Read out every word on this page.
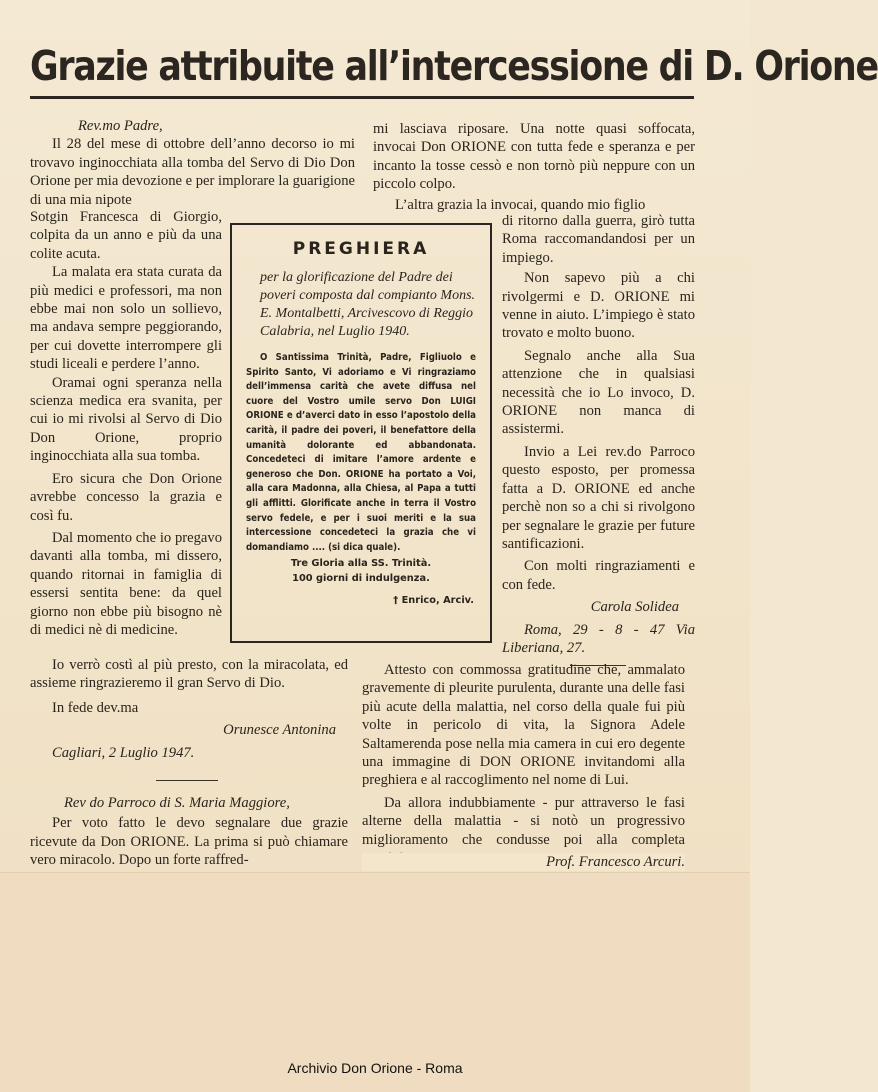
Grazie attribuite all’intercessione di D. Orione

Rev.mo Padre,

Il 28 del mese di ottobre dell’anno decorso io mi trovavo inginocchiata alla tomba del Servo di Dio Don Orione per mia devozione e per implorare la guarigione di una mia nipote

Sotgin Francesca di Giorgio, colpita da un anno e più da una colite acuta.

La malata era stata curata da più medici e professori, ma non ebbe mai non solo un sollievo, ma andava sempre peggiorando, per cui dovette interrompere gli studi liceali e perdere l’anno.

Oramai ogni speranza nella scienza medica era svanita, per cui io mi rivolsi al Servo di Dio Don Orione, proprio inginocchiata alla sua tomba.

Ero sicura che Don Orione avrebbe concesso la grazia e così fu.

Dal momento che io pregavo davanti alla tomba, mi dissero, quando ritornai in famiglia di essersi sentita bene: da quel giorno non ebbe più bisogno nè di medici nè di medicine.

Io verrò costì al più presto, con la miracolata, ed assieme ringrazieremo il gran Servo di Dio.

In fede dev.ma

Orunesce Antonina

Cagliari, 2 Luglio 1947.

Rev do Parroco di S. Maria Maggiore,

Per voto fatto le devo segnalare due grazie ricevute da Don ORIONE. La prima si può chiamare vero miracolo. Dopo un forte raffred-

mi lasciava riposare. Una notte quasi soffocata, invocai Don ORIONE con tutta fede e speranza e per incanto la tosse cessò e non tornò più neppure con un piccolo colpo.

L’altra grazia la invocai, quando mio figlio

di ritorno dalla guerra, girò tutta Roma raccomandandosi per un impiego.

Non sapevo più a chi rivolgermi e D. ORIONE mi venne in aiuto. L’impiego è stato trovato e molto buono.

Segnalo anche alla Sua attenzione che in qualsiasi necessità che io Lo invoco, D. ORIONE non manca di assistermi.

Invio a Lei rev.do Parroco questo esposto, per promessa fatta a D. ORIONE ed anche perchè non so a chi si rivolgono per segnalare le grazie per future santificazioni.

Con molti ringraziamenti e con fede.

Carola Solidea

Roma, 29 - 8 - 47 Via Liberiana, 27.

PREGHIERA

per la glorificazione del Padre dei poveri composta dal compianto Mons. E. Montalbetti, Arcivescovo di Reggio Calabria, nel Luglio 1940.

O Santissima Trinità, Padre, Figliuolo e Spirito Santo, Vi adoriamo e Vi ringraziamo dell’immensa carità che avete diffusa nel cuore del Vostro umile servo Don LUIGI ORIONE e d’averci dato in esso l’apostolo della carità, il padre dei poveri, il benefattore della umanità dolorante ed abbandonata. Concedeteci di imitare l’amore ardente e generoso che Don. ORIONE ha portato a Voi, alla cara Madonna, alla Chiesa, al Papa a tutti gli afflitti. Glorificate anche in terra il Vostro servo fedele, e per i suoi meriti e la sua intercessione concedeteci la grazia che vi domandiamo .... (si dica quale).

Tre Gloria alla SS. Trinità.

100 giorni di indulgenza.

† Enrico, Arciv.

Attesto con commossa gratitudine che, ammalato gravemente di pleurite purulenta, durante una delle fasi più acute della malattia, nel corso della quale fui più volte in pericolo di vita, la Signora Adele Saltamerenda pose nella mia camera in cui ero degente una immagine di DON ORIONE invitandomi alla preghiera e al raccoglimento nel nome di Lui.

Da allora indubbiamente - pur attraverso le fasi alterne della malattia - si notò un progressivo miglioramento che condusse poi alla completa

Prof. Francesco Arcuri.
Archivio Don Orione - Roma
